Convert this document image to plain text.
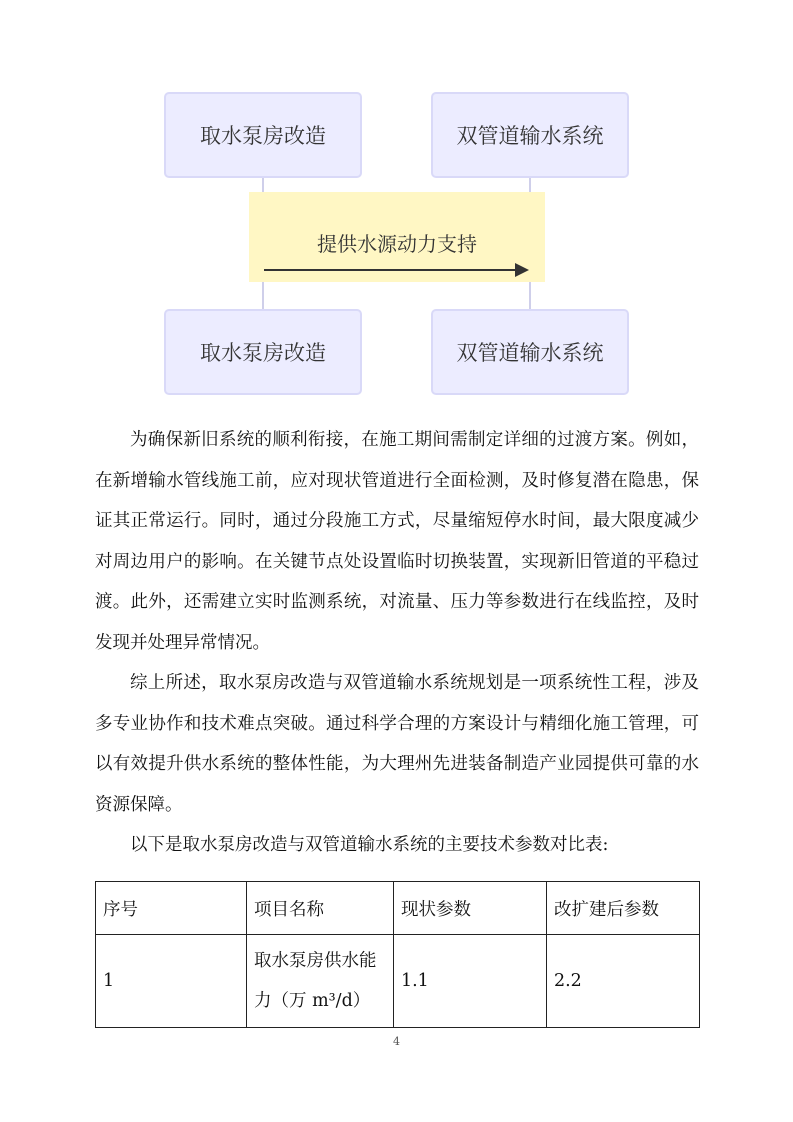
提供水源动力支持
取水泵房改造	双管道输水系统
取水泵房改造	双管道输水系统

为确保新旧系统的顺利衔接，在施工期间需制定详细的过渡方案。例如，在新增输水管线施工前，应对现状管道进行全面检测，及时修复潜在隐患，保证其正常运行。同时，通过分段施工方式，尽量缩短停水时间，最大限度减少对周边用户的影响。在关键节点处设置临时切换装置，实现新旧管道的平稳过渡。此外，还需建立实时监测系统，对流量、压力等参数进行在线监控，及时发现并处理异常情况。

综上所述，取水泵房改造与双管道输水系统规划是一项系统性工程，涉及多专业协作和技术难点突破。通过科学合理的方案设计与精细化施工管理，可以有效提升供水系统的整体性能，为大理州先进装备制造产业园提供可靠的水资源保障。

以下是取水泵房改造与双管道输水系统的主要技术参数对比表:

序号	项目名称	现状参数	改扩建后参数
1	取水泵房供水能力（万 m³/d）	1.1	2.2
4
